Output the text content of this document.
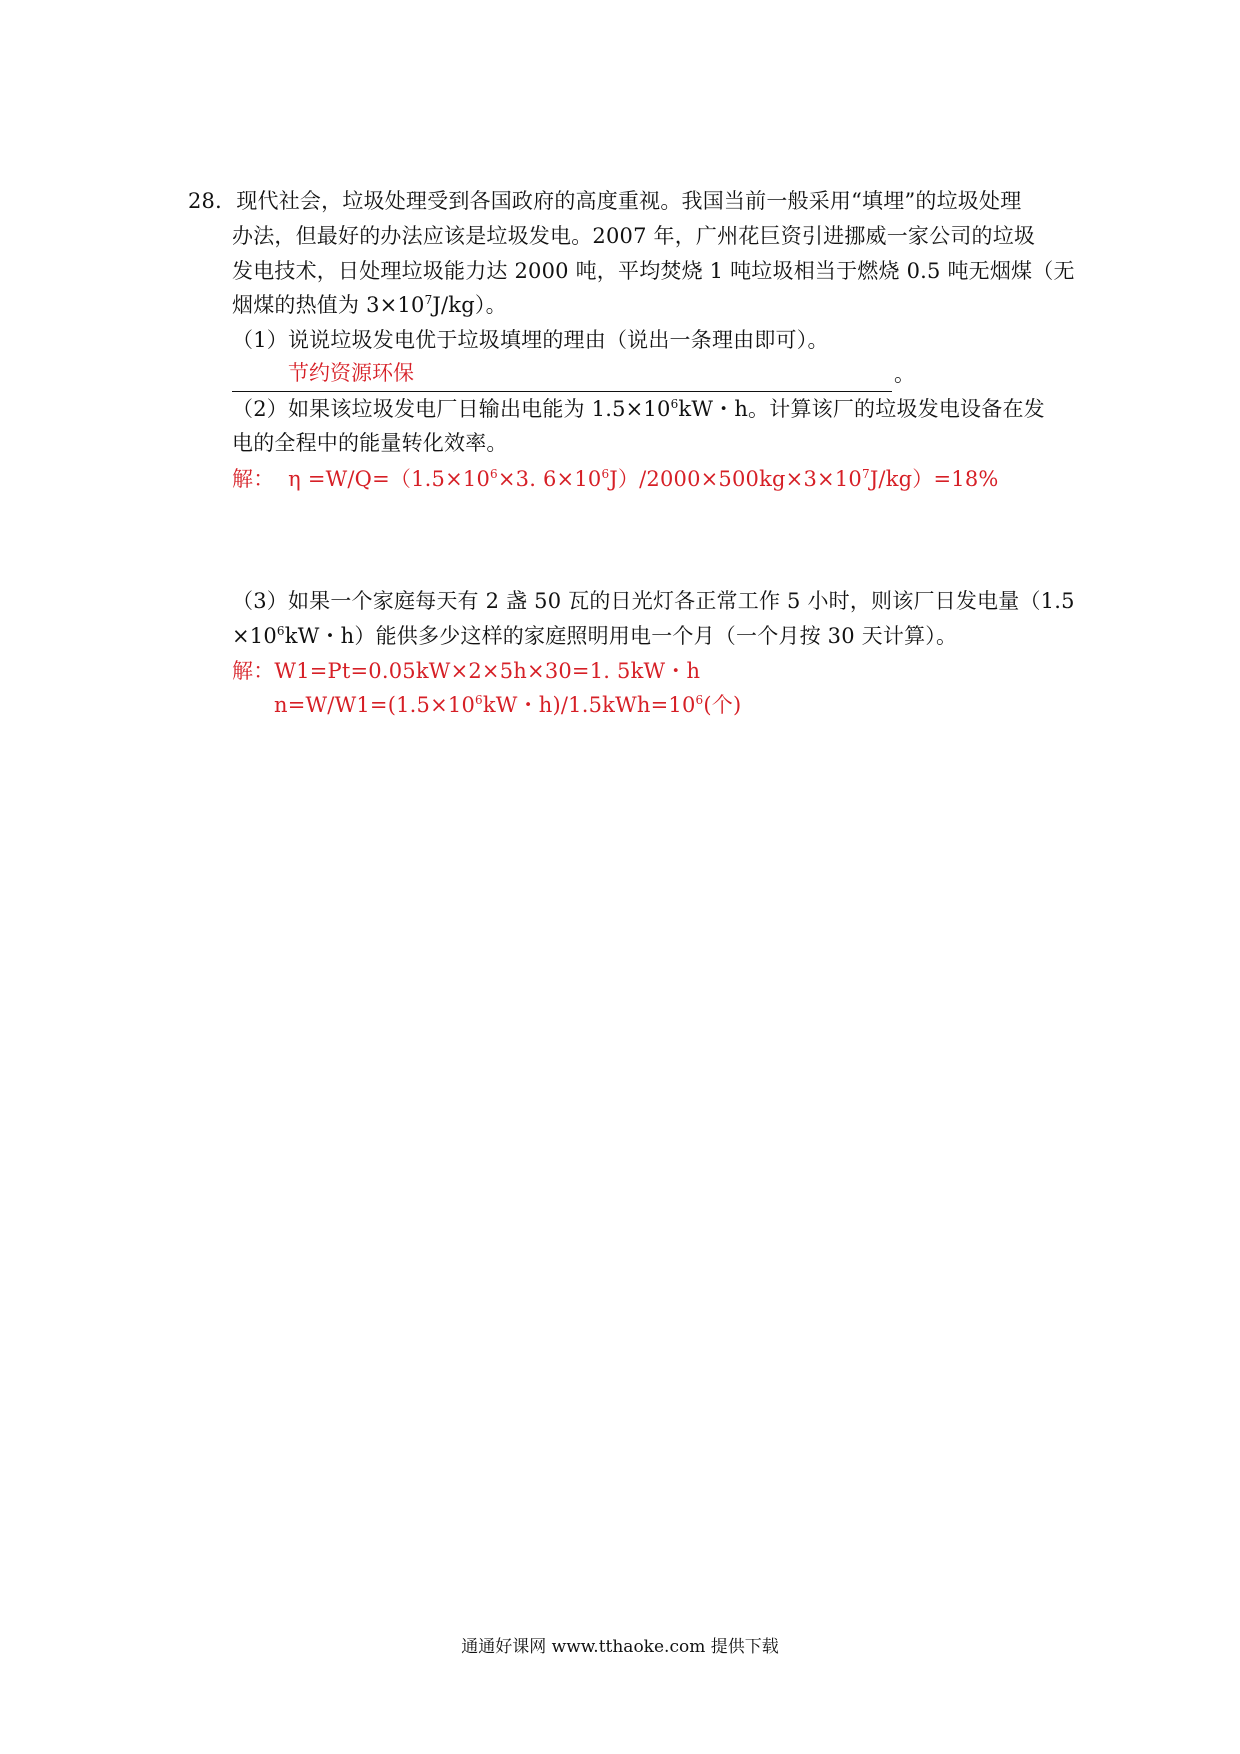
28．现代社会，垃圾处理受到各国政府的高度重视。我国当前一般采用“填埋”的垃圾处理
办法，但最好的办法应该是垃圾发电。2007 年，广州花巨资引进挪威一家公司的垃圾
发电技术，日处理垃圾能力达 2000 吨，平均焚烧 1 吨垃圾相当于燃烧 0.5 吨无烟煤（无
烟煤的热值为 $3\times 10^7J/kg$）。
（1）说说垃圾发电优于垃圾填埋的理由（说出一条理由即可）。
节约资源环保	。
（2）如果该垃圾发电厂日输出电能为 $1.5\times 10^6kW$・h。计算该厂的垃圾发电设备在发
电的全程中的能量转化效率。
解： $\eta =W/Q=(1.5\times 10^6\times 3$. $6\times 10^6J)/2000\times 500kg\times 3\times 10^7J/kg)=18\%$
（3）如果一个家庭每天有 2 盏 50 瓦的日光灯各正常工作 5 小时，则该厂日发电量（1.5
$\times 10^6kW$・h）能供多少这样的家庭照明用电一个月（一个月按 30 天计算）。
解：W1=Pt=0.05kW×2×5h×30=1. 5kW・h
$n=W/W1=(1.5\times 10^6kW$・$h)/1.5kWh=10^6$(个)
通通好课网 www.tthaoke.com 提供下载
